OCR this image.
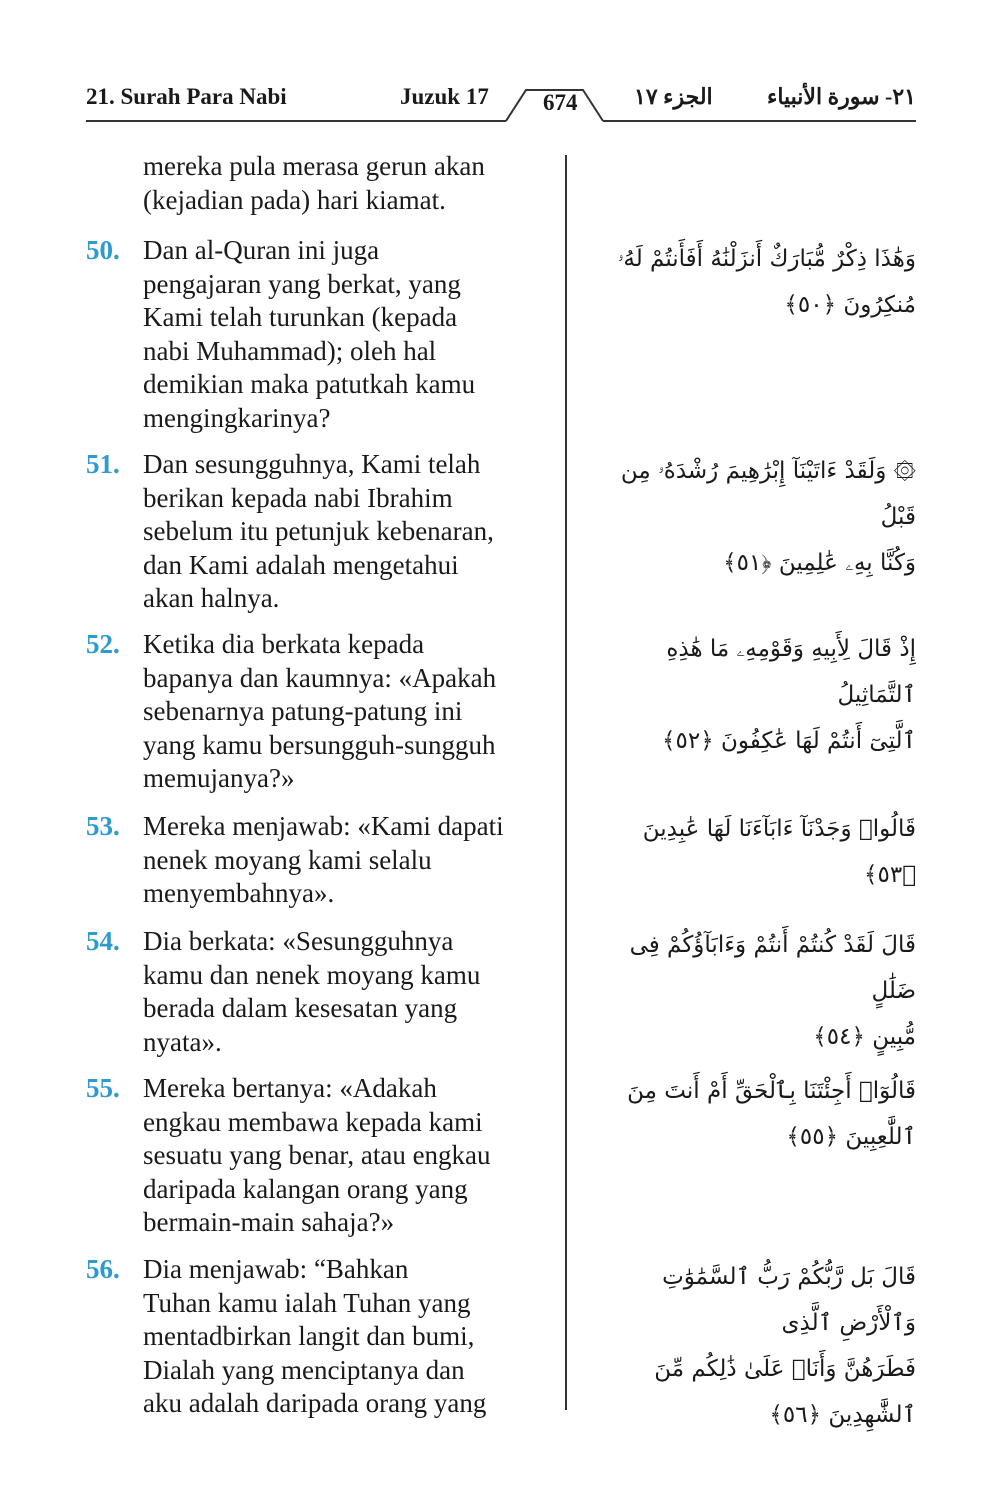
21. Surah Para Nabi	Juzuk 17 674	الجزء ١٧ ٢١- سورة الأنبياء

mereka pula merasa gerun akan
(kejadian pada) hari kiamat.

50. Dan al-Quran ini juga
pengajaran yang berkat, yang
Kami telah turunkan (kepada
nabi Muhammad); oleh hal
demikian maka patutkah kamu
mengingkarinya?

وَهَٰذَا ذِكْرٌ مُّبَارَكٌ أَنزَلْنَٰهُ أَفَأَنتُمْ لَهُۥ
مُنكِرُونَ ﴿٥٠﴾
51. Dan sesungguhnya, Kami telah
berikan kepada nabi Ibrahim
sebelum itu petunjuk kebenaran,
dan Kami adalah mengetahui
akan halnya.

۞ وَلَقَدْ ءَاتَيْنَآ إِبْرَٰهِيمَ رُشْدَهُۥ مِن قَبْلُ
وَكُنَّا بِهِۦ عَٰلِمِينَ ﴿٥١﴾
52. Ketika dia berkata kepada
bapanya dan kaumnya: «Apakah
sebenarnya patung-patung ini
yang kamu bersungguh-sungguh
memujanya?»

إِذْ قَالَ لِأَبِيهِ وَقَوْمِهِۦ مَا هَٰذِهِ ٱلتَّمَاثِيلُ
ٱلَّتِىٓ أَنتُمْ لَهَا عَٰكِفُونَ ﴿٥٢﴾
53. Mereka menjawab: «Kami dapati
nenek moyang kami selalu
menyembahnya».

قَالُوا۟ وَجَدْنَآ ءَابَآءَنَا لَهَا عَٰبِدِينَ ﴿٥٣﴾
54. Dia berkata: «Sesungguhnya
kamu dan nenek moyang kamu
berada dalam kesesatan yang
nyata».

قَالَ لَقَدْ كُنتُمْ أَنتُمْ وَءَابَآؤُكُمْ فِى ضَلَٰلٍ
مُّبِينٍ ﴿٥٤﴾
55. Mereka bertanya: «Adakah
engkau membawa kepada kami
sesuatu yang benar, atau engkau
daripada kalangan orang yang
bermain-main sahaja?»

قَالُوٓا۟ أَجِئْتَنَا بِٱلْحَقِّ أَمْ أَنتَ مِنَ ٱللَّٰعِبِينَ ﴿٥٥﴾
56. Dia menjawab: “Bahkan
Tuhan kamu ialah Tuhan yang
mentadbirkan langit dan bumi,
Dialah yang menciptanya dan
aku adalah daripada orang yang

قَالَ بَل رَّبُّكُمْ رَبُّ ٱلسَّمَٰوَٰتِ وَٱلْأَرْضِ ٱلَّذِى
فَطَرَهُنَّ وَأَنَا۠ عَلَىٰ ذَٰلِكُم مِّنَ ٱلشَّٰهِدِينَ ﴿٥٦﴾
